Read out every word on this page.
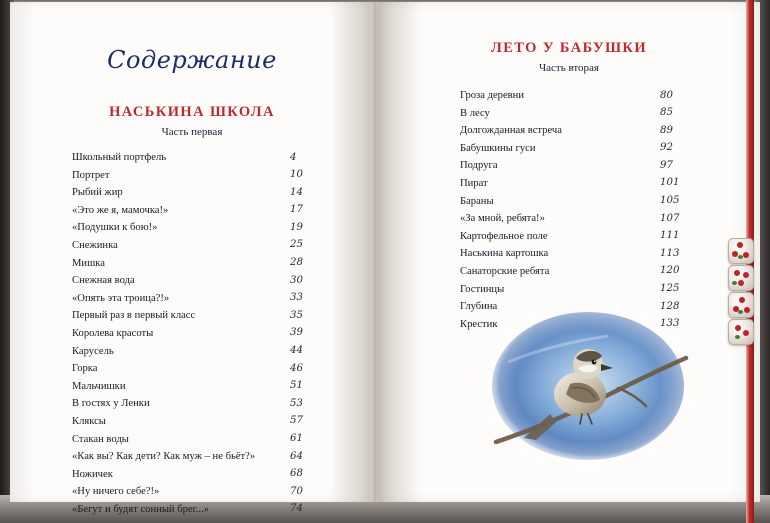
Содержание
НАСЬКИНА ШКОЛА
Часть первая
Школьный портфель	4
Портрет	10
Рыбий жир	14
«Это же я, мамочка!»	17
«Подушки к бою!»	19
Снежинка	25
Мишка	28
Снежная вода	30
«Опять эта троица?!»	33
Первый раз в первый класс	35
Королева красоты	39
Карусель	44
Горка	46
Мальчишки	51
В гостях у Ленки	53
Кляксы	57
Стакан воды	61
«Как вы? Как дети? Как муж – не бьёт?»	64
Ножичек	68
«Ну ничего себе?!»	70
«Бегут и будят сонный брег...»	74
ЛЕТО У БАБУШКИ
Часть вторая
Гроза деревни	80
В лесу	85
Долгожданная встреча	89
Бабушкины гуси	92
Подруга	97
Пират	101
Бараны	105
«За мной, ребята!»	107
Картофельное поле	111
Наськина картошка	113
Санаторские ребята	120
Гостинцы	125
Глубина	128
Крестик	133
